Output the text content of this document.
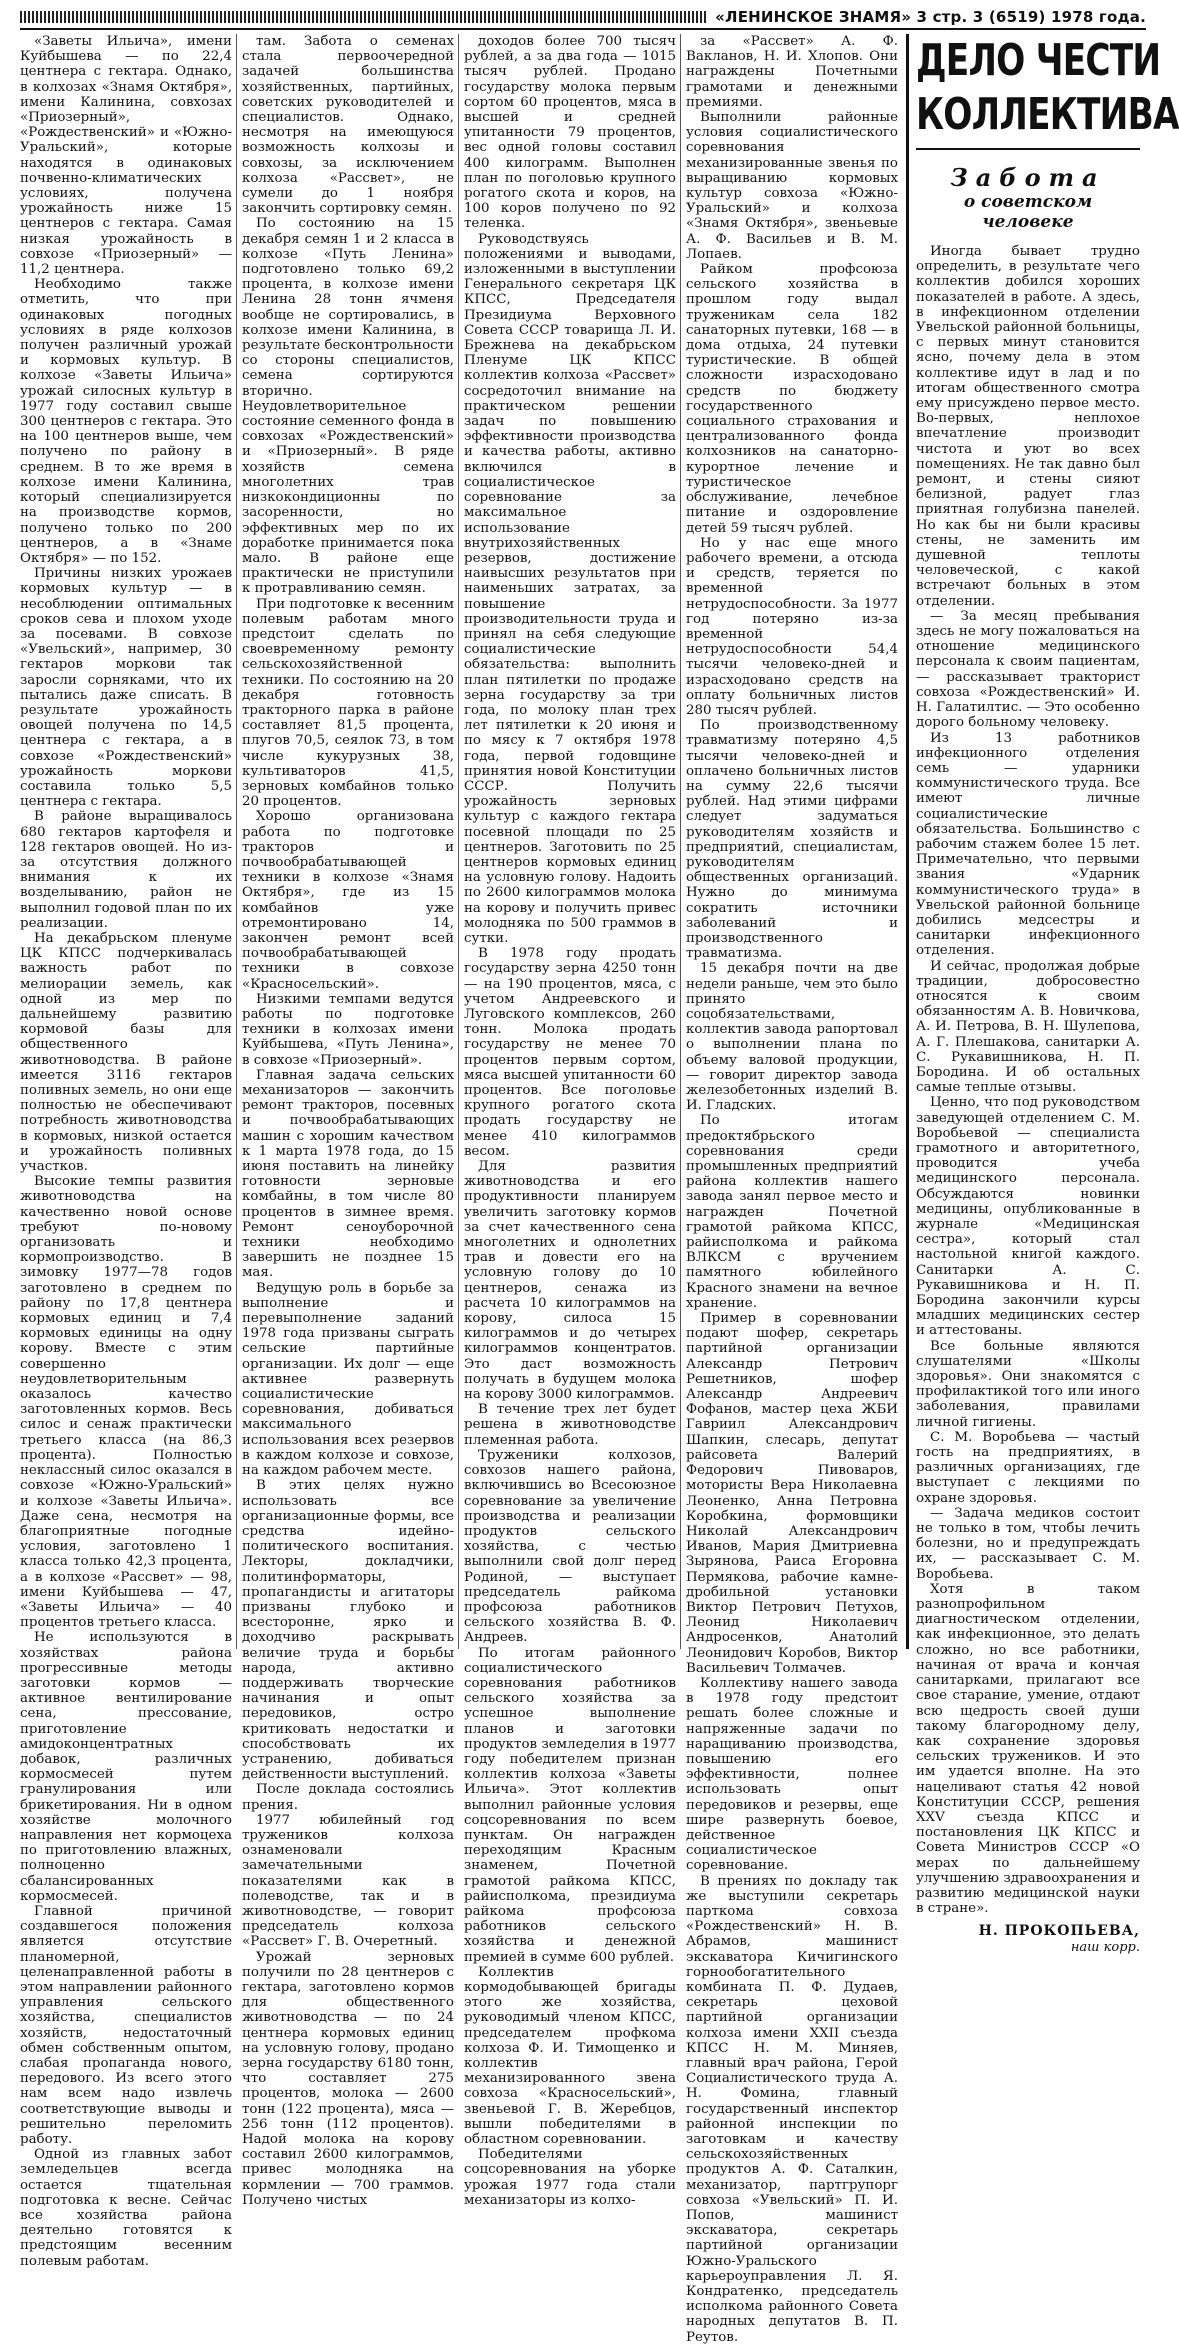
«ЛЕНИНСКОЕ ЗНАМЯ» 3 стр. 3 (6519) 1978 года.

«Заветы Ильича», имени Куйбышева — по 22,4 центнера с гектара. Однако, в колхозах «Знамя Октября», имени Калинина, совхозах «Приозерный», «Рождественский» и «Южно-Уральский», которые находятся в одинаковых почвенно-климатических условиях, получена урожайность ниже 15 центнеров с гектара. Самая низкая урожайность в совхозе «Приозерный» — 11,2 центнера.

Необходимо также отметить, что при одинаковых погодных условиях в ряде колхозов получен различный урожай и кормовых культур. В колхозе «Заветы Ильича» урожай силосных культур в 1977 году составил свыше 300 центнеров с гектара. Это на 100 центнеров выше, чем получено по району в среднем. В то же время в колхозе имени Калинина, который специализируется на производстве кормов, получено только по 200 центнеров, а в «Знаме Октября» — по 152.

Причины низких урожаев кормовых культур — в несоблюдении оптимальных сроков сева и плохом уходе за посевами. В совхозе «Увельский», например, 30 гектаров моркови так заросли сорняками, что их пытались даже списать. В результате урожайность овощей получена по 14,5 центнера с гектара, а в совхозе «Рождественский» урожайность моркови составила только 5,5 центнера с гектара.

В районе выращивалось 680 гектаров картофеля и 128 гектаров овощей. Но из-за отсутствия должного внимания к их возделыванию, район не выполнил годовой план по их реализации.

На декабрьском пленуме ЦК КПСС подчеркивалась важность работ по мелиорации земель, как одной из мер по дальнейшему развитию кормовой базы для общественного животноводства. В районе имеется 3116 гектаров поливных земель, но они еще полностью не обеспечивают потребность животноводства в кормовых, низкой остается и урожайность поливных участков.

Высокие темпы развития животноводства на качественно новой основе требуют по-новому организовать и кормопроизводство. В зимовку 1977—78 годов заготовлено в среднем по району по 17,8 центнера кормовых единиц и 7,4 кормовых единицы на одну корову. Вместе с этим совершенно неудовлетворительным оказалось качество заготовленных кормов. Весь силос и сенаж практически третьего класса (на 86,3 процента). Полностью неклассный силос оказался в совхозе «Южно-Уральский» и колхозе «Заветы Ильича». Даже сена, несмотря на благоприятные погодные условия, заготовлено 1 класса только 42,3 процента, а в колхозе «Рассвет» — 98, имени Куйбышева — 47, «Заветы Ильича» — 40 процентов третьего класса.

Не используются в хозяйствах района прогрессивные методы заготовки кормов — активное вентилирование сена, прессование, приготовление амидоконцентратных добавок, различных кормосмесей путем гранулирования или брикетирования. Ни в одном хозяйстве молочного направления нет кормоцеха по приготовлению влажных, полноценно сбалансированных кормосмесей.

Главной причиной создавшегося положения является отсутствие планомерной, целенаправленной работы в этом направлении районного управления сельского хозяйства, специалистов хозяйств, недостаточный обмен собственным опытом, слабая пропаганда нового, передового. Из всего этого нам всем надо извлечь соответствующие выводы и решительно переломить работу.

Одной из главных забот земледельцев всегда остается тщательная подготовка к весне. Сейчас все хозяйства района деятельно готовятся к предстоящим весенним полевым работам.

там. Забота о семенах стала первоочередной задачей большинства хозяйственных, партийных, советских руководителей и специалистов. Однако, несмотря на имеющуюся возможность колхозы и совхозы, за исключением колхоза «Рассвет», не сумели до 1 ноября закончить сортировку семян.

По состоянию на 15 декабря семян 1 и 2 класса в колхозе «Путь Ленина» подготовлено только 69,2 процента, в колхозе имени Ленина 28 тонн ячменя вообще не сортировались, в колхозе имени Калинина, в результате бесконтрольности со стороны специалистов, семена сортируются вторично. Неудовлетворительное состояние семенного фонда в совхозах «Рождественский» и «Приозерный». В ряде хозяйств семена многолетних трав низкокондиционны по засоренности, но эффективных мер по их доработке принимается пока мало. В районе еще практически не приступили к протравливанию семян.

При подготовке к весенним полевым работам много предстоит сделать по своевременному ремонту сельскохозяйственной техники. По состоянию на 20 декабря готовность тракторного парка в районе составляет 81,5 процента, плугов 70,5, сеялок 73, в том числе кукурузных 38, культиваторов 41,5, зерновых комбайнов только 20 процентов.

Хорошо организована работа по подготовке тракторов и почвообрабатывающей техники в колхозе «Знамя Октября», где из 15 комбайнов уже отремонтировано 14, закончен ремонт всей почвообрабатывающей техники в совхозе «Красносельский».

Низкими темпами ведутся работы по подготовке техники в колхозах имени Куйбышева, «Путь Ленина», в совхозе «Приозерный».

Главная задача сельских механизаторов — закончить ремонт тракторов, посевных и почвообрабатывающих машин с хорошим качеством к 1 марта 1978 года, до 15 июня поставить на линейку готовности зерновые комбайны, в том числе 80 процентов в зимнее время. Ремонт сеноуборочной техники необходимо завершить не позднее 15 мая.

Ведущую роль в борьбе за выполнение и перевыполнение заданий 1978 года призваны сыграть сельские партийные организации. Их долг — еще активнее развернуть социалистические соревнования, добиваться максимального использования всех резервов в каждом колхозе и совхозе, на каждом рабочем месте.

В этих целях нужно использовать все организационные формы, все средства идейно-политического воспитания. Лекторы, докладчики, политинформаторы, пропагандисты и агитаторы призваны глубоко и всесторонне, ярко и доходчиво раскрывать величие труда и борьбы народа, активно поддерживать творческие начинания и опыт передовиков, остро критиковать недостатки и способствовать их устранению, добиваться действенности выступлений.

После доклада состоялись прения.

1977 юбилейный год тружеников колхоза ознаменовали замечательными показателями как в полеводстве, так и в животноводстве, — говорит председатель колхоза «Рассвет» Г. В. Очеретный.

Урожай зерновых получили по 28 центнеров с гектара, заготовлено кормов для общественного животноводства — по 24 центнера кормовых единиц на условную голову, продано зерна государству 6180 тонн, что составляет 275 процентов, молока — 2600 тонн (122 процента), мяса — 256 тонн (112 процентов). Надой молока на корову составил 2600 килограммов, привес молодняка на кормлении — 700 граммов. Получено чистых

доходов более 700 тысяч рублей, а за два года — 1015 тысяч рублей. Продано государству молока первым сортом 60 процентов, мяса в высшей и средней упитанности 79 процентов, вес одной головы составил 400 килограмм. Выполнен план по поголовью крупного рогатого скота и коров, на 100 коров получено по 92 теленка.

Руководствуясь положениями и выводами, изложенными в выступлении Генерального секретаря ЦК КПСС, Председателя Президиума Верховного Совета СССР товарища Л. И. Брежнева на декабрьском Пленуме ЦК КПСС коллектив колхоза «Рассвет» сосредоточил внимание на практическом решении задач по повышению эффективности производства и качества работы, активно включился в социалистическое соревнование за максимальное использование внутрихозяйственных резервов, достижение наивысших результатов при наименьших затратах, за повышение производительности труда и принял на себя следующие социалистические обязательства: выполнить план пятилетки по продаже зерна государству за три года, по молоку план трех лет пятилетки к 20 июня и по мясу к 7 октября 1978 года, первой годовщине принятия новой Конституции СССР. Получить урожайность зерновых культур с каждого гектара посевной площади по 25 центнеров. Заготовить по 25 центнеров кормовых единиц на условную голову. Надоить по 2600 килограммов молока на корову и получить привес молодняка по 500 граммов в сутки.

В 1978 году продать государству зерна 4250 тонн — на 190 процентов, мяса, с учетом Андреевского и Луговского комплексов, 260 тонн. Молока продать государству не менее 70 процентов первым сортом, мяса высшей упитанности 60 процентов. Все поголовье крупного рогатого скота продать государству не менее 410 килограммов весом.

Для развития животноводства и его продуктивности планируем увеличить заготовку кормов за счет качественного сена многолетних и однолетних трав и довести его на условную голову до 10 центнеров, сенажа из расчета 10 килограммов на корову, силоса 15 килограммов и до четырех килограммов концентратов. Это даст возможность получать в будущем молока на корову 3000 килограммов.

В течение трех лет будет решена в животноводстве племенная работа.

Труженики колхозов, совхозов нашего района, включившись во Всесоюзное соревнование за увеличение производства и реализации продуктов сельского хозяйства, с честью выполнили свой долг перед Родиной, — выступает председатель райкома профсоюза работников сельского хозяйства В. Ф. Андреев.

По итогам районного социалистического соревнования работников сельского хозяйства за успешное выполнение планов и заготовки продуктов земледелия в 1977 году победителем признан коллектив колхоза «Заветы Ильича». Этот коллектив выполнил районные условия соцсоревнования по всем пунктам. Он награжден переходящим Красным знаменем, Почетной грамотой райкома КПСС, райисполкома, президиума райкома профсоюза работников сельского хозяйства и денежной премией в сумме 600 рублей.

Коллектив кормодобывающей бригады этого же хозяйства, руководимый членом КПСС, председателем профкома колхоза Ф. И. Тимощенко и коллектив механизированного звена совхоза «Красносельский», звеньевой Г. В. Жеребцов, вышли победителями в областном соревновании.

Победителями соцсоревнования на уборке урожая 1977 года стали механизаторы из колхо-

за «Рассвет» А. Ф. Вакланов, Н. И. Хлопов. Они награждены Почетными грамотами и денежными премиями.

Выполнили районные условия социалистического соревнования механизированные звенья по выращиванию кормовых культур совхоза «Южно-Уральский» и колхоза «Знамя Октября», звеньевые А. Ф. Васильев и В. М. Лопаев.

Райком профсоюза сельского хозяйства в прошлом году выдал труженикам села 182 санаторных путевки, 168 — в дома отдыха, 24 путевки туристические. В общей сложности израсходовано средств по бюджету государственного социального страхования и централизованного фонда колхозников на санаторно-курортное лечение и туристическое обслуживание, лечебное питание и оздоровление детей 59 тысяч рублей.

Но у нас еще много рабочего времени, а отсюда и средств, теряется по временной нетрудоспособности. За 1977 год потеряно из-за временной нетрудоспособности 54,4 тысячи человеко-дней и израсходовано средств на оплату больничных листов 280 тысяч рублей.

По производственному травматизму потеряно 4,5 тысячи человеко-дней и оплачено больничных листов на сумму 22,6 тысячи рублей. Над этими цифрами следует задуматься руководителям хозяйств и предприятий, специалистам, руководителям общественных организаций. Нужно до минимума сократить источники заболеваний и производственного травматизма.

15 декабря почти на две недели раньше, чем это было принято соцобязательствами, коллектив завода рапортовал о выполнении плана по объему валовой продукции, — говорит директор завода железобетонных изделий В. И. Гладских.

По итогам предоктябрьского соревнования среди промышленных предприятий района коллектив нашего завода занял первое место и награжден Почетной грамотой райкома КПСС, райисполкома и райкома ВЛКСМ с вручением памятного юбилейного Красного знамени на вечное хранение.

Пример в соревновании подают шофер, секретарь партийной организации Александр Петрович Решетников, шофер Александр Андреевич Фофанов, мастер цеха ЖБИ Гавриил Александрович Шапкин, слесарь, депутат райсовета Валерий Федорович Пивоваров, мотористы Вера Николаевна Леоненко, Анна Петровна Коробкина, формовщики Николай Александрович Иванов, Мария Дмитриевна Зырянова, Раиса Егоровна Пермякова, рабочие камне-дробильной установки Виктор Петрович Петухов, Леонид Николаевич Андросенков, Анатолий Леонидович Коробов, Виктор Васильевич Толмачев.

Коллективу нашего завода в 1978 году предстоит решать более сложные и напряженные задачи по наращиванию производства, повышению его эффективности, полнее использовать опыт передовиков и резервы, еще шире развернуть боевое, действенное социалистическое соревнование.

В прениях по докладу так же выступили секретарь парткома совхоза «Рождественский» Н. В. Абрамов, машинист экскаватора Кичигинского горнообогатительного комбината П. Ф. Дудаев, секретарь цеховой партийной организации колхоза имени XXII съезда КПСС Н. М. Миняев, главный врач района, Герой Социалистического труда А. Н. Фомина, главный государственный инспектор районной инспекции по заготовкам и качеству сельскохозяйственных продуктов А. Ф. Саталкин, механизатор, партгрупорг совхоза «Увельский» П. И. Попов, машинист экскаватора, секретарь партийной организации Южно-Уральского карьероуправления Л. Я. Кондратенко, председатель исполкома районного Совета народных депутатов В. П. Реутов.

ДЕЛО ЧЕСТИ
КОЛЛЕКТИВА
Забота
о советском человеке

Иногда бывает трудно определить, в результате чего коллектив добился хороших показателей в работе. А здесь, в инфекционном отделении Увельской районной больницы, с первых минут становится ясно, почему дела в этом коллективе идут в лад и по итогам общественного смотра ему присуждено первое место. Во-первых, неплохое впечатление производит чистота и уют во всех помещениях. Не так давно был ремонт, и стены сияют белизной, радует глаз приятная голубизна панелей. Но как бы ни были красивы стены, не заменить им душевной теплоты человеческой, с какой встречают больных в этом отделении.

— За месяц пребывания здесь не могу пожаловаться на отношение медицинского персонала к своим пациентам, — рассказывает тракторист совхоза «Рождественский» И. Н. Галатилтис. — Это особенно дорого больному человеку.

Из 13 работников инфекционного отделения семь — ударники коммунистического труда. Все имеют личные социалистические обязательства. Большинство с рабочим стажем более 15 лет. Примечательно, что первыми звания «Ударник коммунистического труда» в Увельской районной больнице добились медсестры и санитарки инфекционного отделения.

И сейчас, продолжая добрые традиции, добросовестно относятся к своим обязанностям А. В. Новичкова, А. И. Петрова, В. Н. Шулепова, А. Г. Плешакова, санитарки А. С. Рукавишникова, Н. П. Бородина. И об остальных самые теплые отзывы.

Ценно, что под руководством заведующей отделением С. М. Воробьевой — специалиста грамотного и авторитетного, проводится учеба медицинского персонала. Обсуждаются новинки медицины, опубликованные в журнале «Медицинская сестра», который стал настольной книгой каждого. Санитарки А. С. Рукавишникова и Н. П. Бородина закончили курсы младших медицинских сестер и аттестованы.

Все больные являются слушателями «Школы здоровья». Они знакомятся с профилактикой того или иного заболевания, правилами личной гигиены.

С. М. Воробьева — частый гость на предприятиях, в различных организациях, где выступает с лекциями по охране здоровья.

— Задача медиков состоит не только в том, чтобы лечить болезни, но и предупреждать их, — рассказывает С. М. Воробьева.

Хотя в таком разнопрофильном диагностическом отделении, как инфекционное, это делать сложно, но все работники, начиная от врача и кончая санитарками, прилагают все свое старание, умение, отдают всю щедрость своей души такому благородному делу, как сохранение здоровья сельских тружеников. И это им удается вполне. На это нацеливают статья 42 новой Конституции СССР, решения XXV съезда КПСС и постановления ЦК КПСС и Совета Министров СССР «О мерах по дальнейшему улучшению здравоохранения и развитию медицинской науки в стране».

Н. ПРОКОПЬЕВА,
наш корр.
